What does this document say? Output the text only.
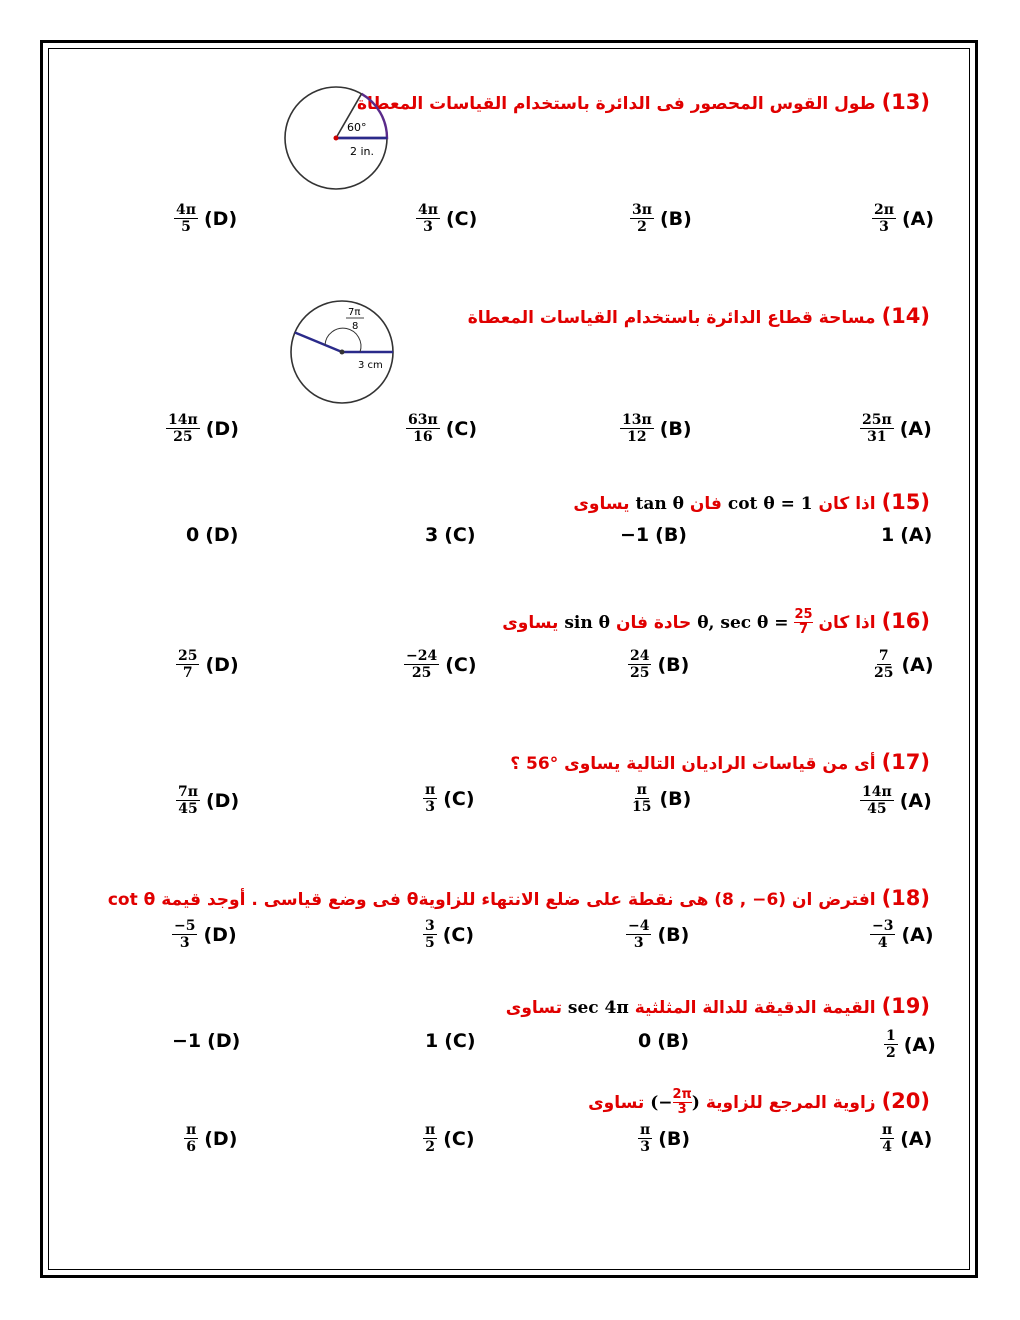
(13)طول القوس المحصور فى الدائرة باستخدام القياسات المعطاة
60°
2 in.
$\frac{2\pi}{3} (A)$
$\frac{3\pi}{2} (B)$
$\frac{4\pi}{3} (C)$
$\frac{4\pi}{5} (D)$
(14)مساحة قطاع الدائرة باستخدام القياسات المعطاة
7π
8
3 cm
$\frac{25\pi}{31} (A)$
$\frac{13\pi}{12} (B)$
$\frac{63\pi}{16} (C)$
$\frac{14\pi}{25} (D)$
(15)اذا كان cot θ = 1 فان tan θ يساوى
1 (A)
−1 (B)
3 (C)
0 (D)
(16)اذا كان
$\frac{25}{7}$
θ, sec θ = حادة فان sin θ يساوى
$\frac{7}{25} (A)$
$\frac{24}{25} (B)$
$\frac{-24}{25} (C)$
$\frac{25}{7} (D)$
(17)أى من قياسات الراديان التالية يساوى °56 ؟
$\frac{14\pi}{45} (A)$
$\frac{\pi}{15} (B)$
$\frac{\pi}{3} (C)$
$\frac{7\pi}{45} (D)$
(18)افترض ان (6− , 8) هى نقطة على ضلع الانتهاء للزاويةθ فى وضع قياسى . أوجد قيمة cot θ
$\frac{-3}{4} (A)$
$\frac{-4}{3} (B)$
$\frac{3}{5} (C)$
$\frac{-5}{3} (D)$
(19)القيمة الدقيقة للدالة المثلثية sec 4π تساوى
$\frac{1}{2} (A)$
0 (B)
1 (C)
−1 (D)
(20)زاوية المرجع للزاوية )
$\frac{2\pi}{3}$
(− تساوى
$\frac{\pi}{4} (A)$
$\frac{\pi}{3} (B)$
$\frac{\pi}{2} (C)$
$\frac{\pi}{6} (D)$
